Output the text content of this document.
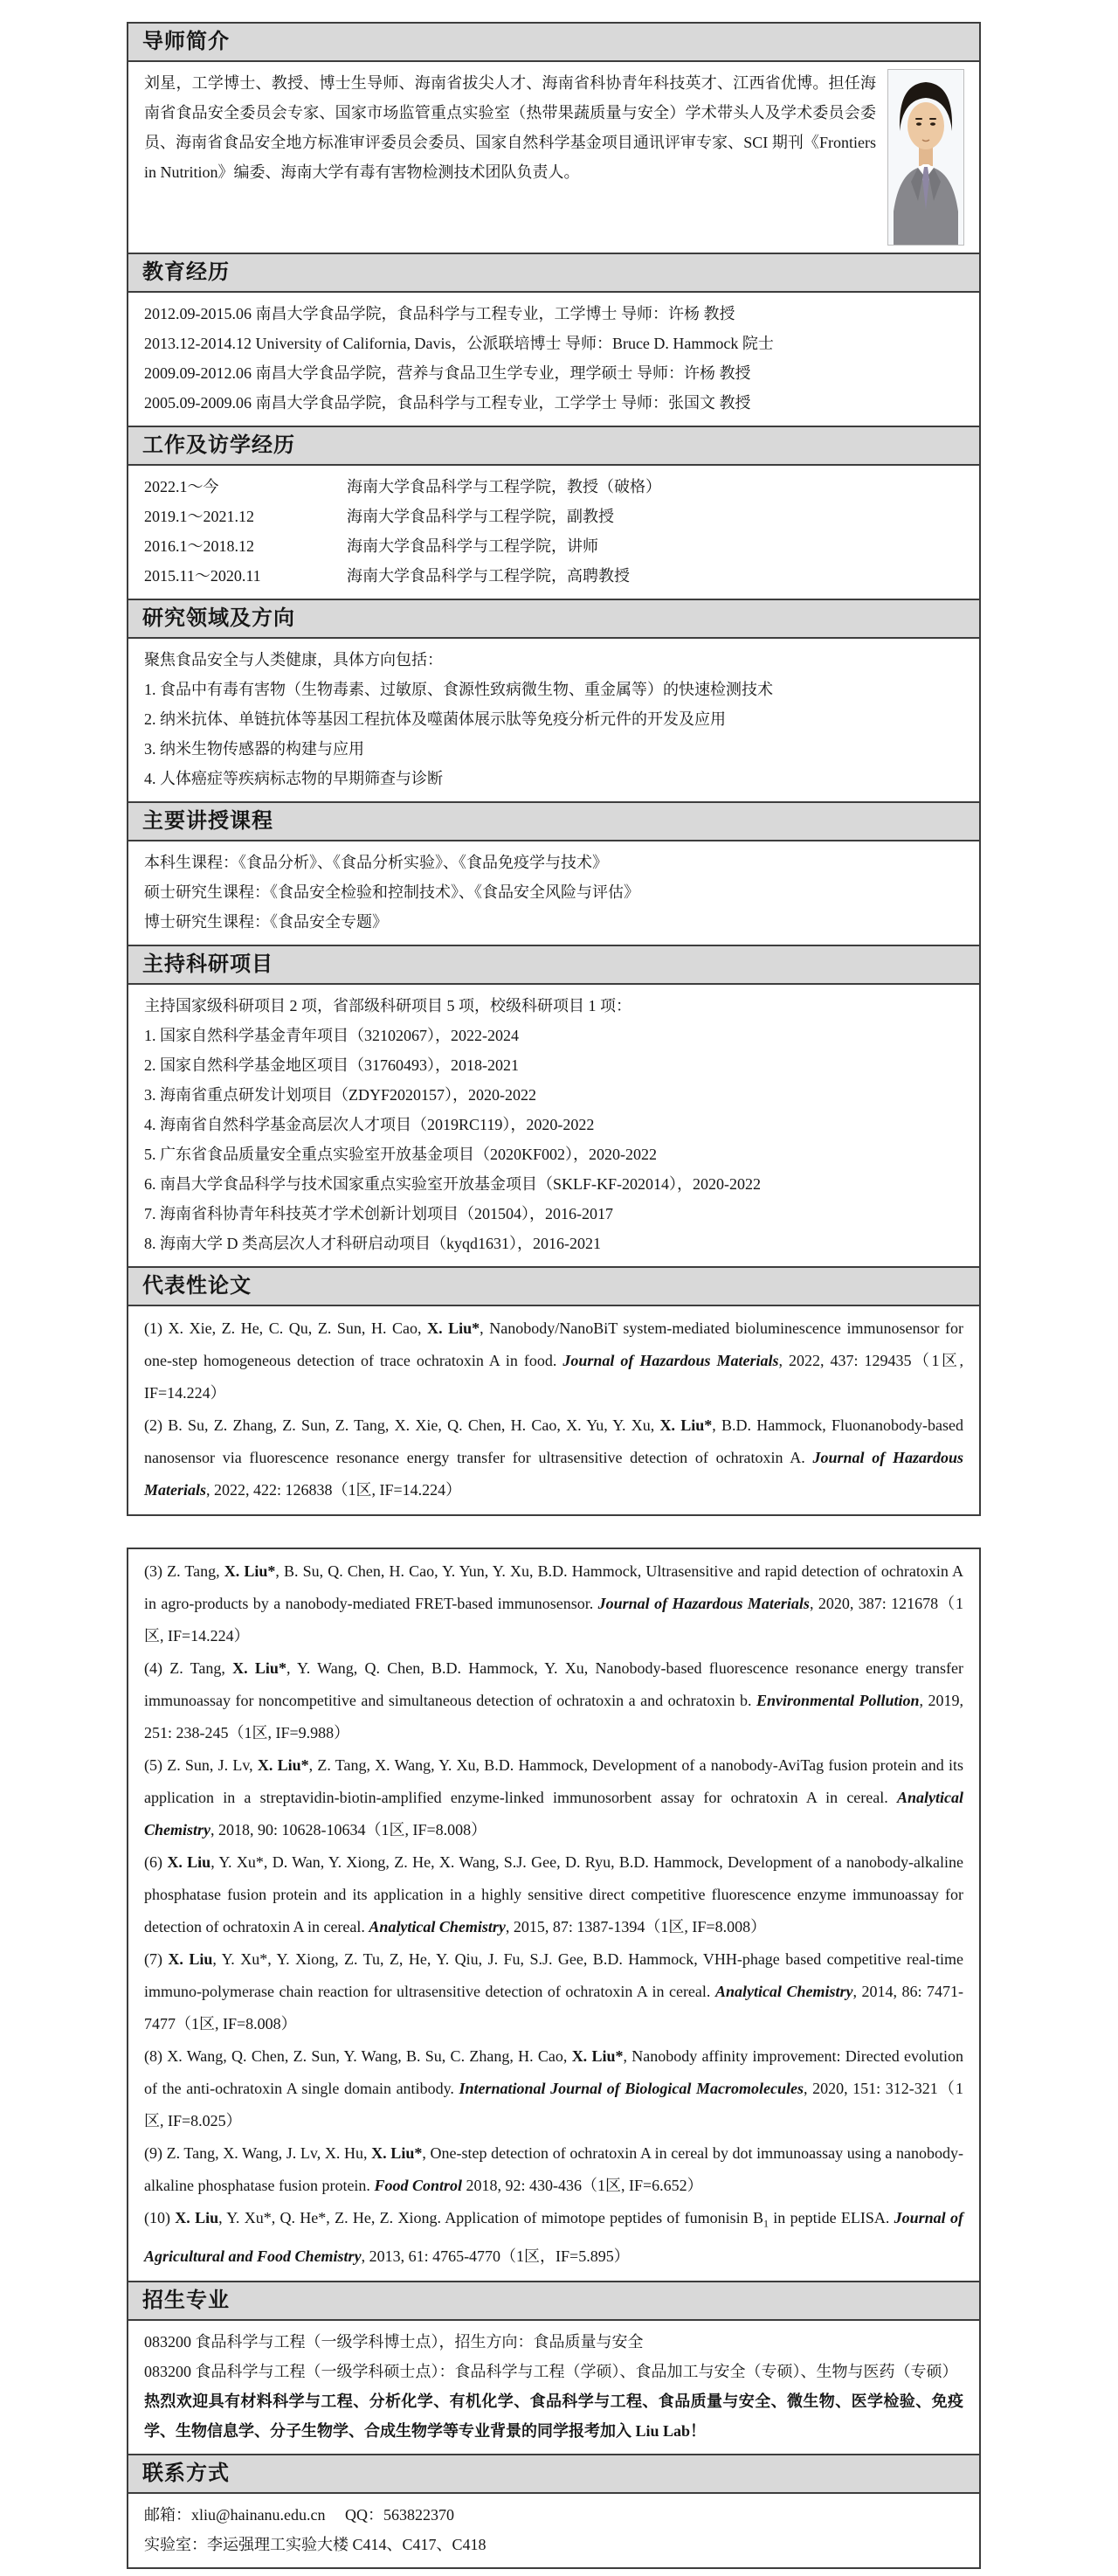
导师简介
刘星，工学博士、教授、博士生导师、海南省拔尖人才、海南省科协青年科技英才、江西省优博。担任海南省食品安全委员会专家、国家市场监管重点实验室（热带果蔬质量与安全）学术带头人及学术委员会委员、海南省食品安全地方标准审评委员会委员、国家自然科学基金项目通讯评审专家、SCI 期刊《Frontiers in Nutrition》编委、海南大学有毒有害物检测技术团队负责人。
教育经历
2012.09-2015.06 南昌大学食品学院，食品科学与工程专业，工学博士 导师：许杨 教授
2013.12-2014.12 University of California, Davis，公派联培博士 导师：Bruce D. Hammock 院士
2009.09-2012.06 南昌大学食品学院，营养与食品卫生学专业，理学硕士 导师：许杨 教授
2005.09-2009.06 南昌大学食品学院，食品科学与工程专业，工学学士 导师：张国文 教授
工作及访学经历
2022.1～今	海南大学食品科学与工程学院，教授（破格）
2019.1～2021.12	海南大学食品科学与工程学院，副教授
2016.1～2018.12	海南大学食品科学与工程学院，讲师
2015.11～2020.11	海南大学食品科学与工程学院，高聘教授
研究领域及方向
聚焦食品安全与人类健康，具体方向包括：
1. 食品中有毒有害物（生物毒素、过敏原、食源性致病微生物、重金属等）的快速检测技术
2. 纳米抗体、单链抗体等基因工程抗体及噬菌体展示肽等免疫分析元件的开发及应用
3. 纳米生物传感器的构建与应用
4. 人体癌症等疾病标志物的早期筛查与诊断
主要讲授课程
本科生课程：《食品分析》、《食品分析实验》、《食品免疫学与技术》
硕士研究生课程：《食品安全检验和控制技术》、《食品安全风险与评估》
博士研究生课程：《食品安全专题》
主持科研项目
主持国家级科研项目 2 项，省部级科研项目 5 项，校级科研项目 1 项：
1. 国家自然科学基金青年项目（32102067），2022-2024
2. 国家自然科学基金地区项目（31760493），2018-2021
3. 海南省重点研发计划项目（ZDYF2020157），2020-2022
4. 海南省自然科学基金高层次人才项目（2019RC119），2020-2022
5. 广东省食品质量安全重点实验室开放基金项目（2020KF002），2020-2022
6. 南昌大学食品科学与技术国家重点实验室开放基金项目（SKLF-KF-202014），2020-2022
7. 海南省科协青年科技英才学术创新计划项目（201504），2016-2017
8. 海南大学 D 类高层次人才科研启动项目（kyqd1631），2016-2021
代表性论文
(1) X. Xie, Z. He, C. Qu, Z. Sun, H. Cao, X. Liu*, Nanobody/NanoBiT system-mediated bioluminescence immunosensor for one-step homogeneous detection of trace ochratoxin A in food. Journal of Hazardous Materials, 2022, 437: 129435（1区, IF=14.224）
(2) B. Su, Z. Zhang, Z. Sun, Z. Tang, X. Xie, Q. Chen, H. Cao, X. Yu, Y. Xu, X. Liu*, B.D. Hammock, Fluonanobody-based nanosensor via fluorescence resonance energy transfer for ultrasensitive detection of ochratoxin A. Journal of Hazardous Materials, 2022, 422: 126838（1区, IF=14.224）
(3) Z. Tang, X. Liu*, B. Su, Q. Chen, H. Cao, Y. Yun, Y. Xu, B.D. Hammock, Ultrasensitive and rapid detection of ochratoxin A in agro-products by a nanobody-mediated FRET-based immunosensor. Journal of Hazardous Materials, 2020, 387: 121678（1区, IF=14.224）
(4) Z. Tang, X. Liu*, Y. Wang, Q. Chen, B.D. Hammock, Y. Xu, Nanobody-based fluorescence resonance energy transfer immunoassay for noncompetitive and simultaneous detection of ochratoxin a and ochratoxin b. Environmental Pollution, 2019, 251: 238-245（1区, IF=9.988）
(5) Z. Sun, J. Lv, X. Liu*, Z. Tang, X. Wang, Y. Xu, B.D. Hammock, Development of a nanobody-AviTag fusion protein and its application in a streptavidin-biotin-amplified enzyme-linked immunosorbent assay for ochratoxin A in cereal. Analytical Chemistry, 2018, 90: 10628-10634（1区, IF=8.008）
(6) X. Liu, Y. Xu*, D. Wan, Y. Xiong, Z. He, X. Wang, S.J. Gee, D. Ryu, B.D. Hammock, Development of a nanobody-alkaline phosphatase fusion protein and its application in a highly sensitive direct competitive fluorescence enzyme immunoassay for detection of ochratoxin A in cereal. Analytical Chemistry, 2015, 87: 1387-1394（1区, IF=8.008）
(7) X. Liu, Y. Xu*, Y. Xiong, Z. Tu, Z, He, Y. Qiu, J. Fu, S.J. Gee, B.D. Hammock, VHH-phage based competitive real-time immuno-polymerase chain reaction for ultrasensitive detection of ochratoxin A in cereal. Analytical Chemistry, 2014, 86: 7471-7477（1区, IF=8.008）
(8) X. Wang, Q. Chen, Z. Sun, Y. Wang, B. Su, C. Zhang, H. Cao, X. Liu*, Nanobody affinity improvement: Directed evolution of the anti-ochratoxin A single domain antibody. International Journal of Biological Macromolecules, 2020, 151: 312-321（1区, IF=8.025）
(9) Z. Tang, X. Wang, J. Lv, X. Hu, X. Liu*, One-step detection of ochratoxin A in cereal by dot immunoassay using a nanobody-alkaline phosphatase fusion protein. Food Control 2018, 92: 430-436（1区, IF=6.652）
(10) X. Liu, Y. Xu*, Q. He*, Z. He, Z. Xiong. Application of mimotope peptides of fumonisin $B_1$ in peptide ELISA. Journal of Agricultural and Food Chemistry, 2013, 61: 4765-4770（1区，IF=5.895）
招生专业
083200 食品科学与工程（一级学科博士点），招生方向：食品质量与安全
083200 食品科学与工程（一级学科硕士点）：食品科学与工程（学硕）、食品加工与安全（专硕）、生物与医药（专硕）
热烈欢迎具有材料科学与工程、分析化学、有机化学、食品科学与工程、食品质量与安全、微生物、医学检验、免疫学、生物信息学、分子生物学、合成生物学等专业背景的同学报考加入 Liu Lab！
联系方式
邮箱：xliu@hainanu.edu.cn　 QQ：563822370
实验室：李运强理工实验大楼 C414、C417、C418
